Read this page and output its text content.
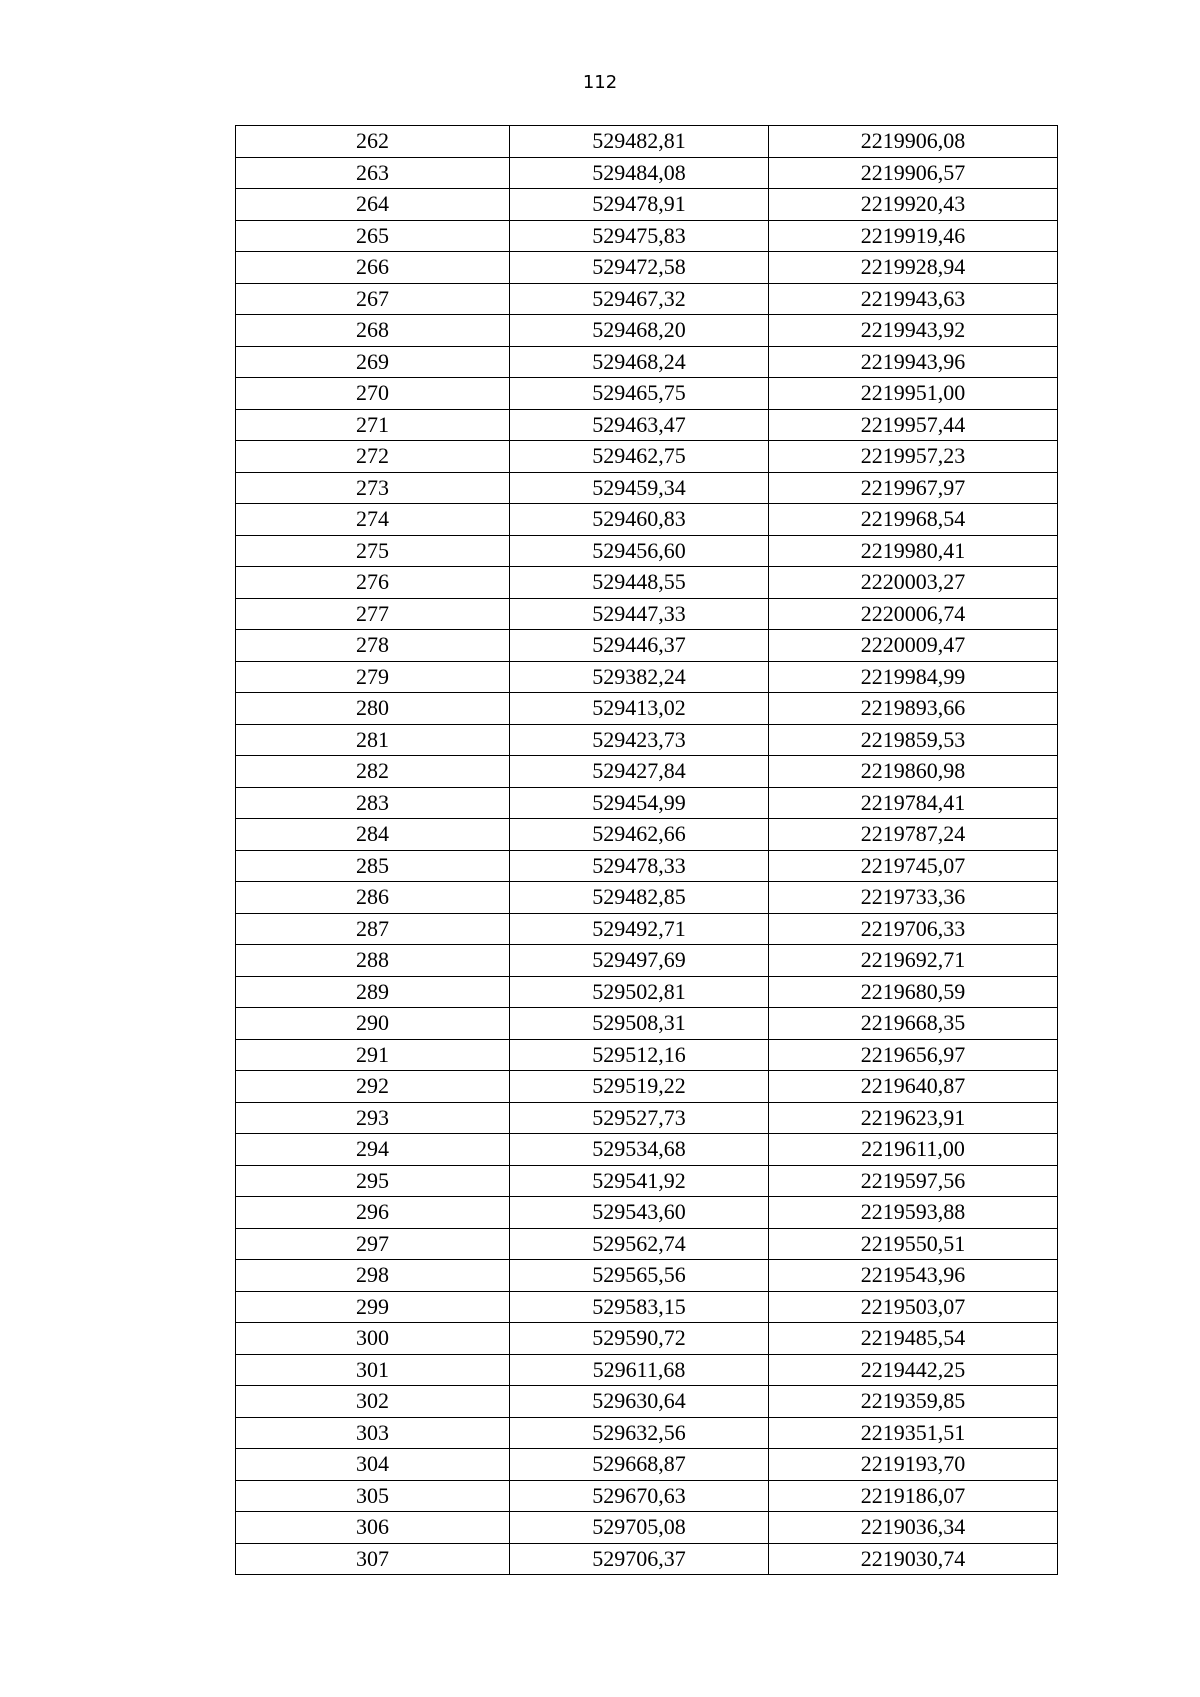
112
262	529482,81	2219906,08
263	529484,08	2219906,57
264	529478,91	2219920,43
265	529475,83	2219919,46
266	529472,58	2219928,94
267	529467,32	2219943,63
268	529468,20	2219943,92
269	529468,24	2219943,96
270	529465,75	2219951,00
271	529463,47	2219957,44
272	529462,75	2219957,23
273	529459,34	2219967,97
274	529460,83	2219968,54
275	529456,60	2219980,41
276	529448,55	2220003,27
277	529447,33	2220006,74
278	529446,37	2220009,47
279	529382,24	2219984,99
280	529413,02	2219893,66
281	529423,73	2219859,53
282	529427,84	2219860,98
283	529454,99	2219784,41
284	529462,66	2219787,24
285	529478,33	2219745,07
286	529482,85	2219733,36
287	529492,71	2219706,33
288	529497,69	2219692,71
289	529502,81	2219680,59
290	529508,31	2219668,35
291	529512,16	2219656,97
292	529519,22	2219640,87
293	529527,73	2219623,91
294	529534,68	2219611,00
295	529541,92	2219597,56
296	529543,60	2219593,88
297	529562,74	2219550,51
298	529565,56	2219543,96
299	529583,15	2219503,07
300	529590,72	2219485,54
301	529611,68	2219442,25
302	529630,64	2219359,85
303	529632,56	2219351,51
304	529668,87	2219193,70
305	529670,63	2219186,07
306	529705,08	2219036,34
307	529706,37	2219030,74
